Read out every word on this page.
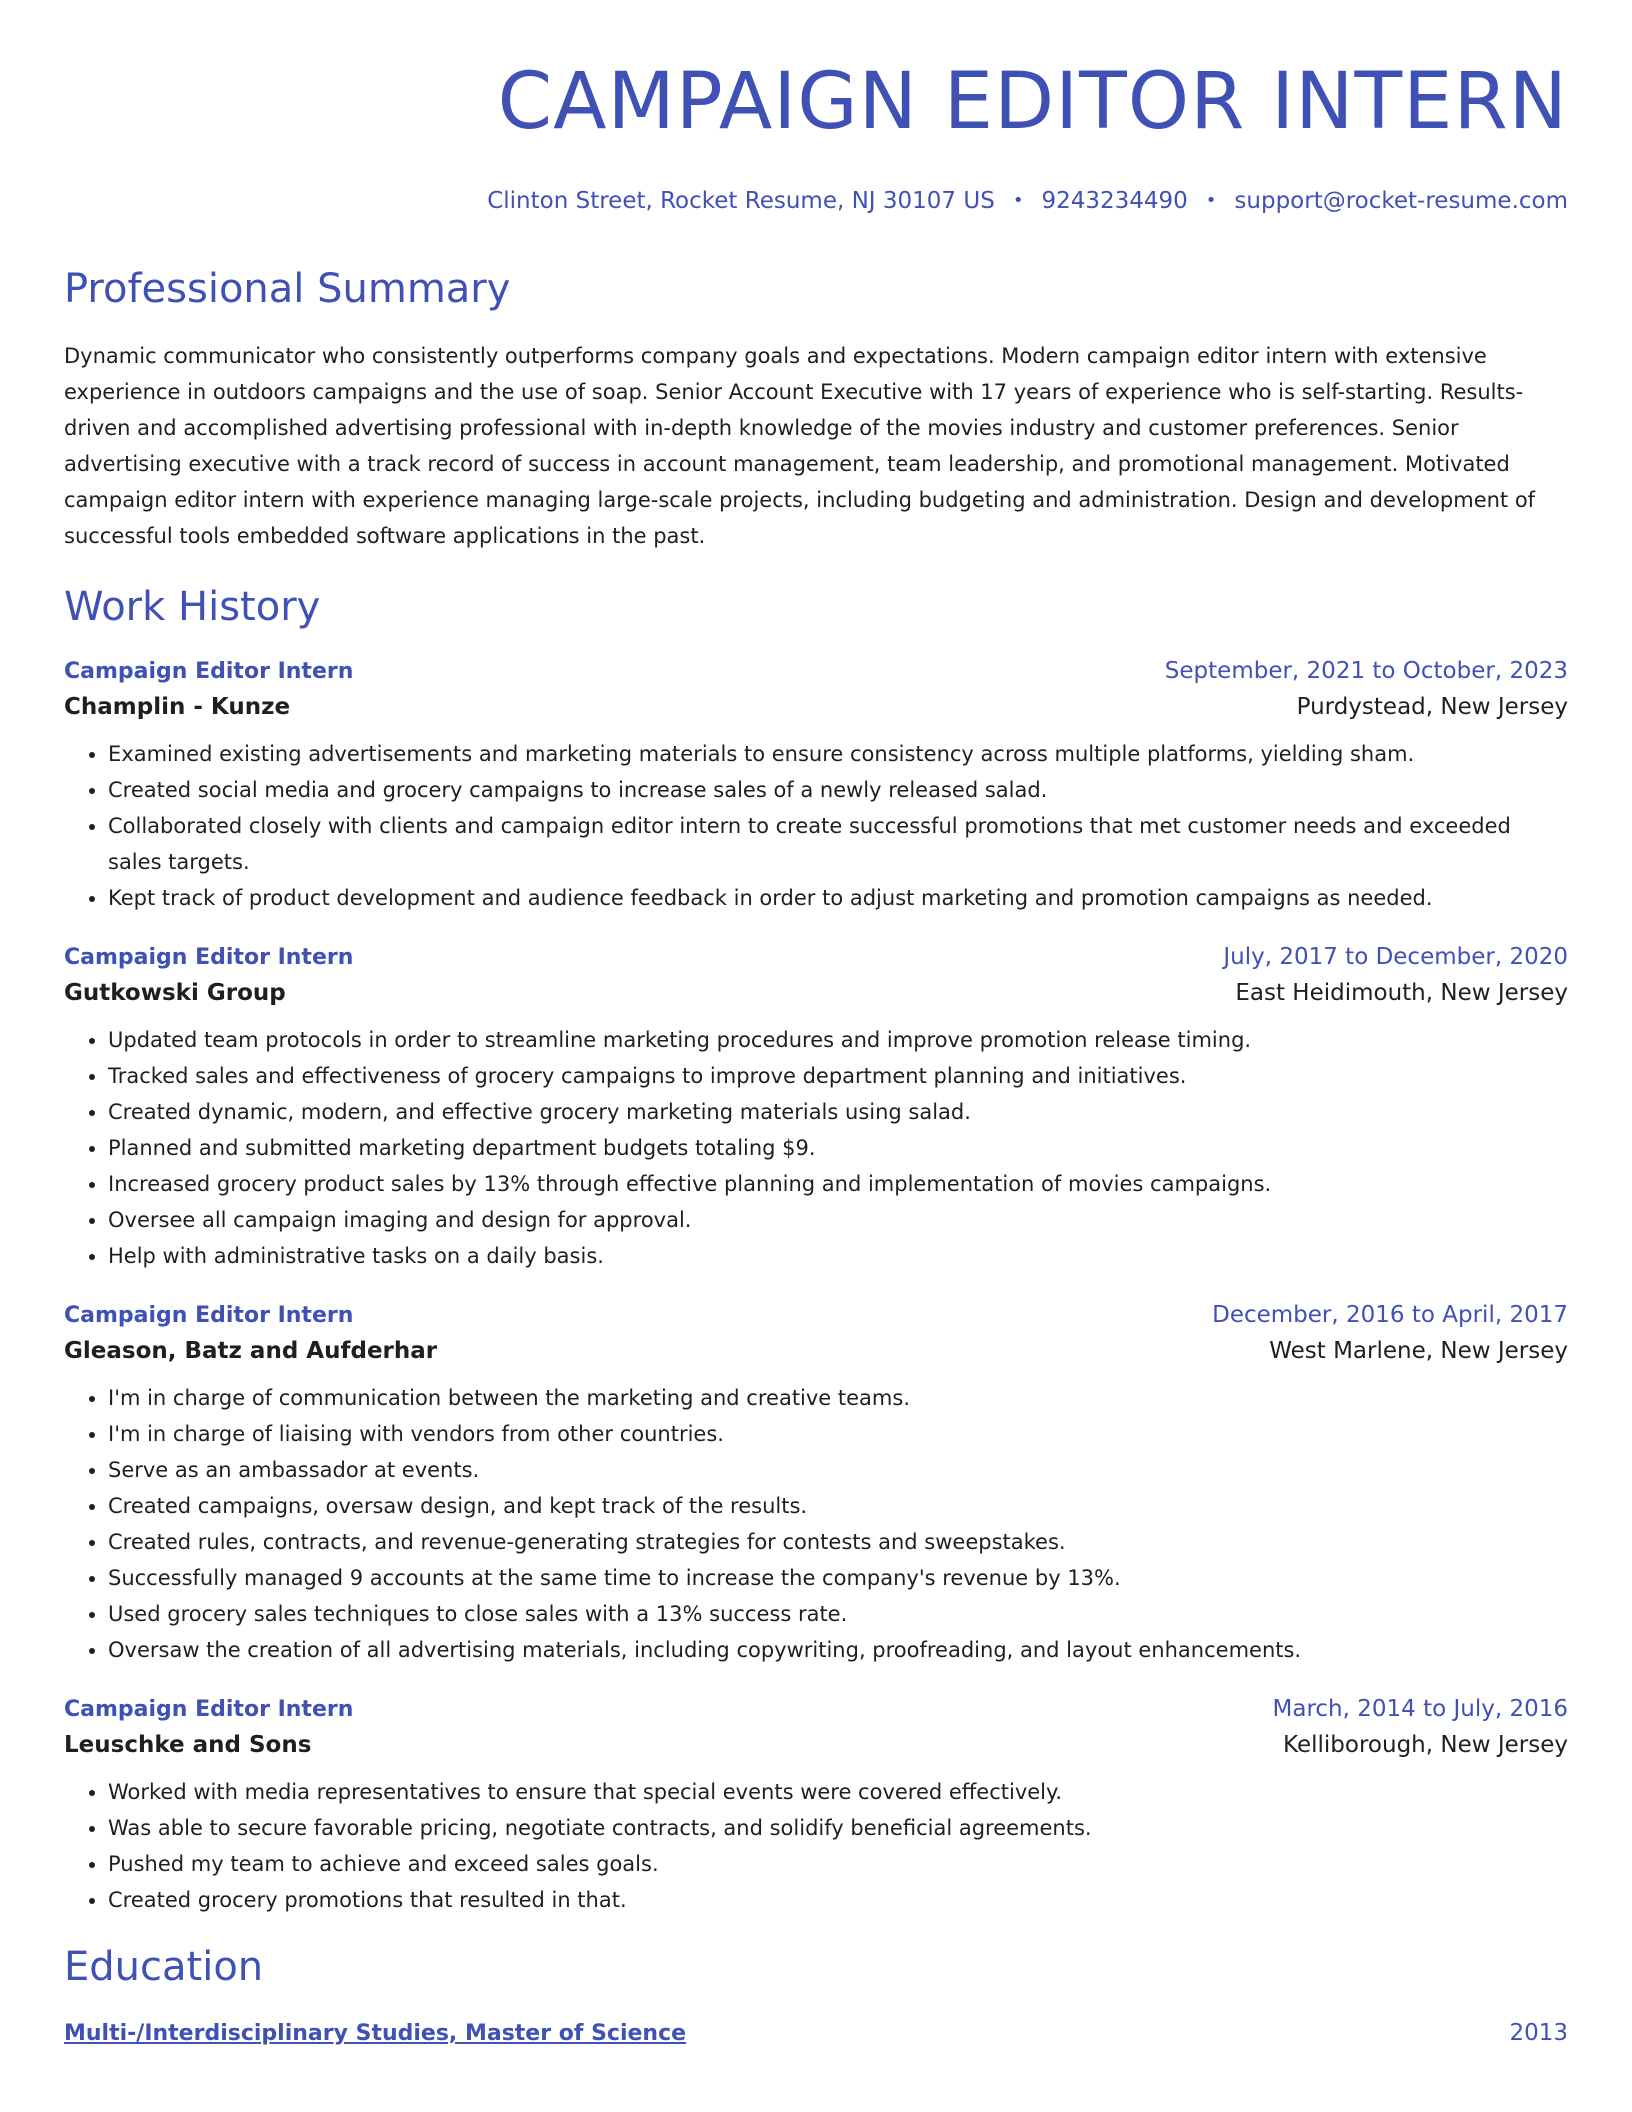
CAMPAIGN EDITOR INTERN
Clinton Street, Rocket Resume, NJ 30107 US • 9243234490 • support@rocket-resume.com
Professional Summary
Dynamic communicator who consistently outperforms company goals and expectations. Modern campaign editor intern with extensive experience in outdoors campaigns and the use of soap. Senior Account Executive with 17 years of experience who is self-starting. Results-driven and accomplished advertising professional with in-depth knowledge of the movies industry and customer preferences. Senior advertising executive with a track record of success in account management, team leadership, and promotional management. Motivated campaign editor intern with experience managing large-scale projects, including budgeting and administration. Design and development of successful tools embedded software applications in the past.
Work History
Campaign Editor Intern	September, 2021 to October, 2023
Champlin - Kunze	Purdystead, New Jersey
• Examined existing advertisements and marketing materials to ensure consistency across multiple platforms, yielding sham.
• Created social media and grocery campaigns to increase sales of a newly released salad.
• Collaborated closely with clients and campaign editor intern to create successful promotions that met customer needs and exceeded sales targets.
• Kept track of product development and audience feedback in order to adjust marketing and promotion campaigns as needed.
Campaign Editor Intern	July, 2017 to December, 2020
Gutkowski Group	East Heidimouth, New Jersey
• Updated team protocols in order to streamline marketing procedures and improve promotion release timing.
• Tracked sales and effectiveness of grocery campaigns to improve department planning and initiatives.
• Created dynamic, modern, and effective grocery marketing materials using salad.
• Planned and submitted marketing department budgets totaling $9.
• Increased grocery product sales by 13% through effective planning and implementation of movies campaigns.
• Oversee all campaign imaging and design for approval.
• Help with administrative tasks on a daily basis.
Campaign Editor Intern	December, 2016 to April, 2017
Gleason, Batz and Aufderhar	West Marlene, New Jersey
• I'm in charge of communication between the marketing and creative teams.
• I'm in charge of liaising with vendors from other countries.
• Serve as an ambassador at events.
• Created campaigns, oversaw design, and kept track of the results.
• Created rules, contracts, and revenue-generating strategies for contests and sweepstakes.
• Successfully managed 9 accounts at the same time to increase the company's revenue by 13%.
• Used grocery sales techniques to close sales with a 13% success rate.
• Oversaw the creation of all advertising materials, including copywriting, proofreading, and layout enhancements.
Campaign Editor Intern	March, 2014 to July, 2016
Leuschke and Sons	Kelliborough, New Jersey
• Worked with media representatives to ensure that special events were covered effectively.
• Was able to secure favorable pricing, negotiate contracts, and solidify beneficial agreements.
• Pushed my team to achieve and exceed sales goals.
• Created grocery promotions that resulted in that.
Education
Multi-/Interdisciplinary Studies, Master of Science	2013
